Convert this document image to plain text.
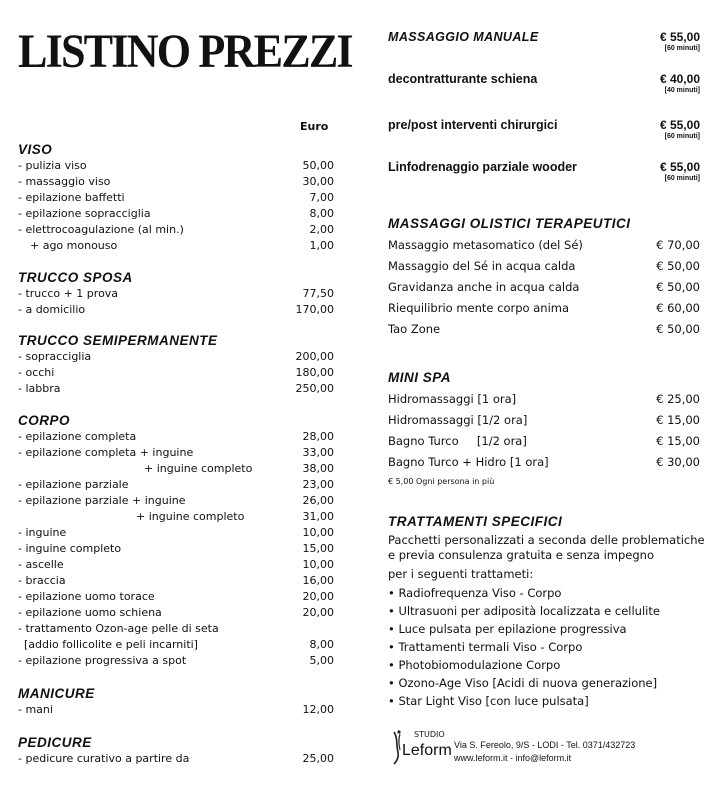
LISTINO PREZZI
Euro
VISO
- pulizia viso	50,00
- massaggio viso	30,00
- epilazione baffetti	7,00
- epilazione sopracciglia	8,00
- elettrocoagulazione (al min.)	2,00
+ ago monouso	1,00
TRUCCO SPOSA
- trucco + 1 prova	77,50
- a domicilio	170,00
TRUCCO SEMIPERMANENTE
- sopracciglia	200,00
- occhi	180,00
- labbra	250,00
CORPO
- epilazione completa	28,00
- epilazione completa + inguine	33,00
+ inguine completo	38,00
- epilazione parziale	23,00
- epilazione parziale + inguine	26,00
+ inguine completo	31,00
- inguine	10,00
- inguine completo	15,00
- ascelle	10,00
- braccia	16,00
- epilazione uomo torace	20,00
- epilazione uomo schiena	20,00
- trattamento Ozon-age pelle di seta
[addio follicolite e peli incarniti]	8,00
- epilazione progressiva a spot	5,00
MANICURE
- mani	12,00
PEDICURE
- pedicure curativo a partire da	25,00
MASSAGGIO MANUALE	€ 55,00
[60 minuti]
decontratturante schiena	€ 40,00
[40 minuti]
pre/post interventi chirurgici	€ 55,00
[60 minuti]
Linfodrenaggio parziale wooder	€ 55,00
[60 minuti]
MASSAGGI OLISTICI TERAPEUTICI
Massaggio metasomatico (del Sé)	€ 70,00
Massaggio del Sé in acqua calda	€ 50,00
Gravidanza anche in acqua calda	€ 50,00
Riequilibrio mente corpo anima	€ 60,00
Tao Zone	€ 50,00
MINI SPA
Hidromassaggi [1 ora]	€ 25,00
Hidromassaggi [1/2 ora]	€ 15,00
Bagno Turco     [1/2 ora]	€ 15,00
Bagno Turco + Hidro [1 ora]	€ 30,00
€ 5,00 Ogni persona in più
TRATTAMENTI SPECIFICI
Pacchetti personalizzati a seconda delle problematiche e previa consulenza gratuita e senza impegno
per i seguenti trattameti:
• Radiofrequenza Viso - Corpo
• Ultrasuoni per adiposità localizzata e cellulite
• Luce pulsata per epilazione progressiva
• Trattamenti termali Viso - Corpo
• Photobiomodulazione Corpo
• Ozono-Age Viso [Acidi di nuova generazione]
• Star Light Viso [con luce pulsata]
STUDIO
Leform Via S. Fereolo, 9/S - LODI - Tel. 0371/432723
www.leform.it - info@leform.it
